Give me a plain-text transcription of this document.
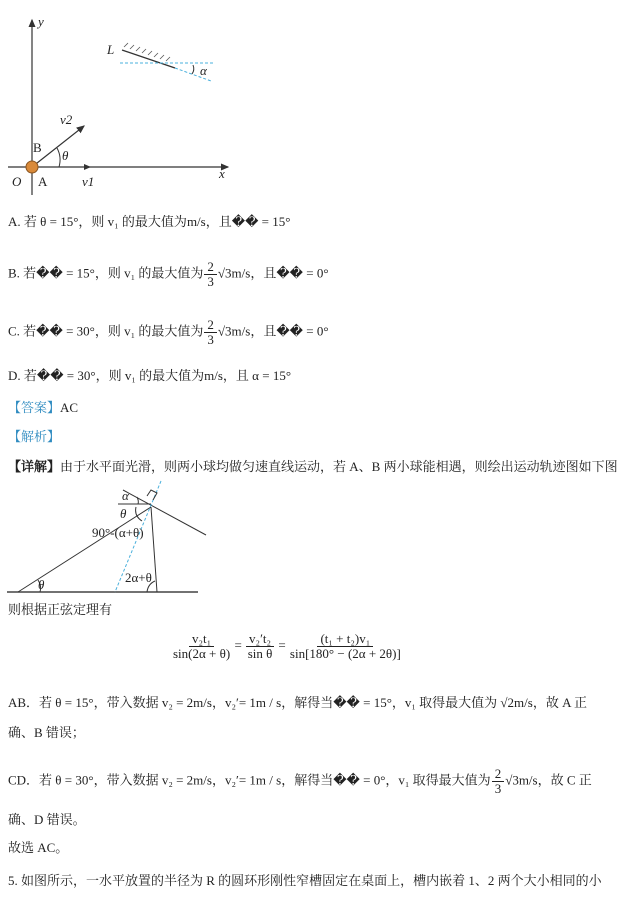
y
x
O A
B
v1
v2
θ
L
α
A. 若 θ = 15°，则 v₁ 的最大值为m/s，且�� = 15°
B. 若�� = 15°，则 v₁ 的最大值为 $\frac{2}{3} √3m/s$，且�� = 0°
C. 若�� = 30°，则 v₁ 的最大值为 $\frac{2}{3} √3m/s$，且�� = 0°
D. 若�� = 30°，则 v₁ 的最大值为m/s，且 α = 15°
【答案】AC
【解析】
【详解】由于水平面光滑，则两小球均做匀速直线运动，若 A、B 两小球能相遇，则绘出运动轨迹图如下图
α
θ
90°-(α+θ)
θ	2α+θ
则根据正弦定理有
$\frac{\text{v₂t₁}}{\sin(2\alpha + \theta)} = \frac{\text{v₂′t₂}}{\text{sin θ}} = \frac{\text{(t₁ + t₂)v₁}}{\sin[180^\circ - (2\alpha + 2\theta)]}$
AB．若 θ = 15°，带入数据 v₂ = 2m/s，v₂′= 1m / s，解得当�� = 15°，v₁ 取得最大值为 √2m/s，故 A 正
确、B 错误；
CD．若 θ = 30°，带入数据 v₂ = 2m/s，v₂′= 1m / s，解得当�� = 0°，v₁ 取得最大值为 $\frac{2}{3} √3m/s$，故 C 正
确、D 错误。
故选 AC。
5. 如图所示，一水平放置的半径为 R 的圆环形刚性窄槽固定在桌面上，槽内嵌着 1、2 两个大小相同的小
